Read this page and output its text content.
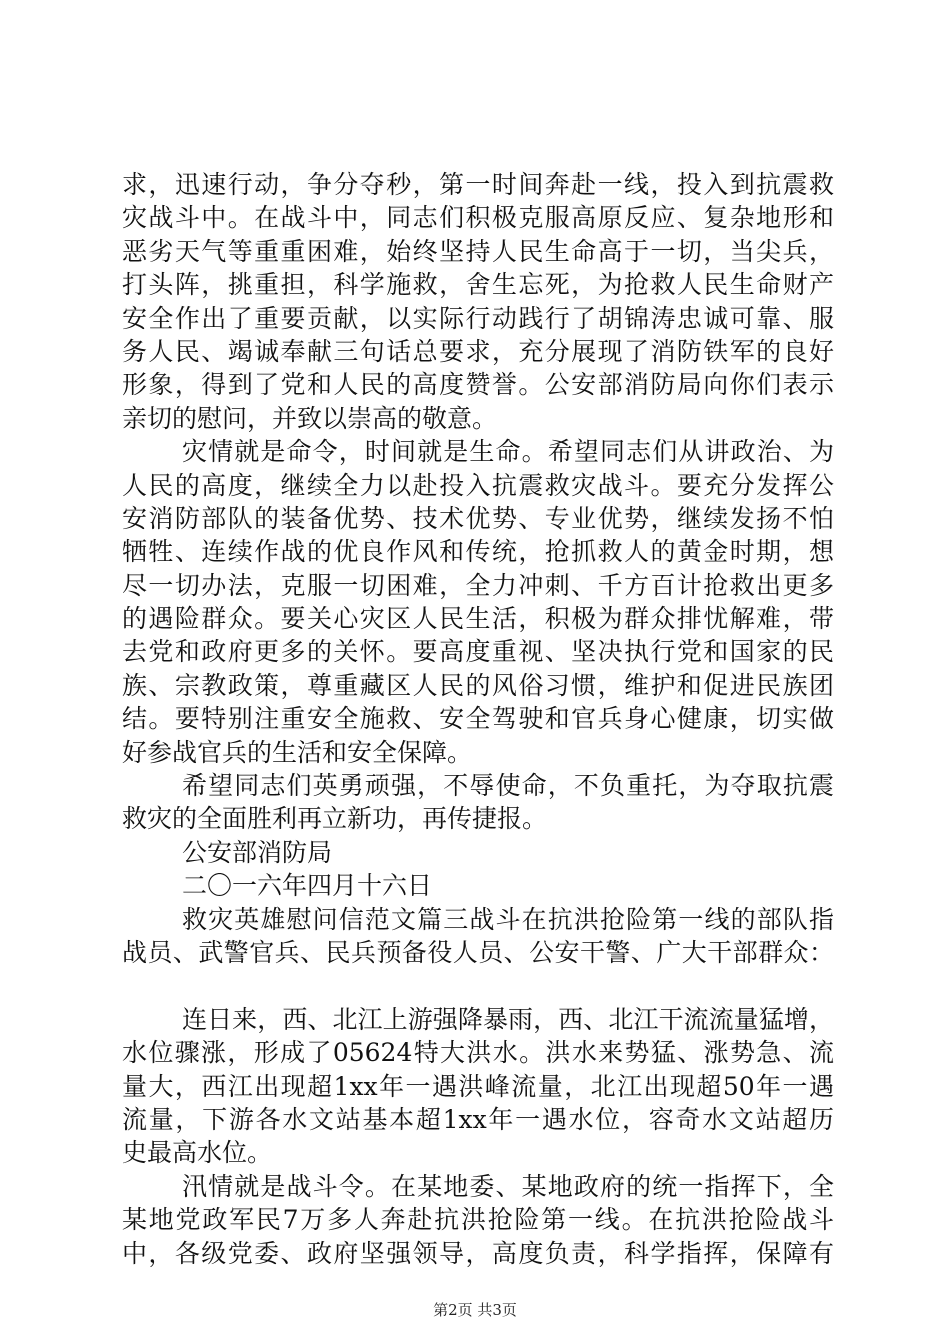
求，迅速行动，争分夺秒，第一时间奔赴一线，投入到抗震救
灾战斗中。在战斗中，同志们积极克服高原反应、复杂地形和
恶劣天气等重重困难，始终坚持人民生命高于一切，当尖兵，
打头阵，挑重担，科学施救，舍生忘死，为抢救人民生命财产
安全作出了重要贡献，以实际行动践行了胡锦涛忠诚可靠、服
务人民、竭诚奉献三句话总要求，充分展现了消防铁军的良好
形象，得到了党和人民的高度赞誉。公安部消防局向你们表示
亲切的慰问，并致以崇高的敬意。
灾情就是命令，时间就是生命。希望同志们从讲政治、为
人民的高度，继续全力以赴投入抗震救灾战斗。要充分发挥公
安消防部队的装备优势、技术优势、专业优势，继续发扬不怕
牺牲、连续作战的优良作风和传统，抢抓救人的黄金时期，想
尽一切办法，克服一切困难，全力冲刺、千方百计抢救出更多
的遇险群众。要关心灾区人民生活，积极为群众排忧解难，带
去党和政府更多的关怀。要高度重视、坚决执行党和国家的民
族、宗教政策，尊重藏区人民的风俗习惯，维护和促进民族团
结。要特别注重安全施救、安全驾驶和官兵身心健康，切实做
好参战官兵的生活和安全保障。
希望同志们英勇顽强，不辱使命，不负重托，为夺取抗震
救灾的全面胜利再立新功，再传捷报。
公安部消防局
二〇一六年四月十六日
救灾英雄慰问信范文篇三战斗在抗洪抢险第一线的部队指
战员、武警官兵、民兵预备役人员、公安干警、广大干部群众：
连日来，西、北江上游强降暴雨，西、北江干流流量猛增，
水位骤涨，形成了05624特大洪水。洪水来势猛、涨势急、流
量大，西江出现超1xx年一遇洪峰流量，北江出现超50年一遇
流量，下游各水文站基本超1xx年一遇水位，容奇水文站超历
史最高水位。
汛情就是战斗令。在某地委、某地政府的统一指挥下，全
某地党政军民7万多人奔赴抗洪抢险第一线。在抗洪抢险战斗
中，各级党委、政府坚强领导，高度负责，科学指挥，保障有
第2页 共3页
